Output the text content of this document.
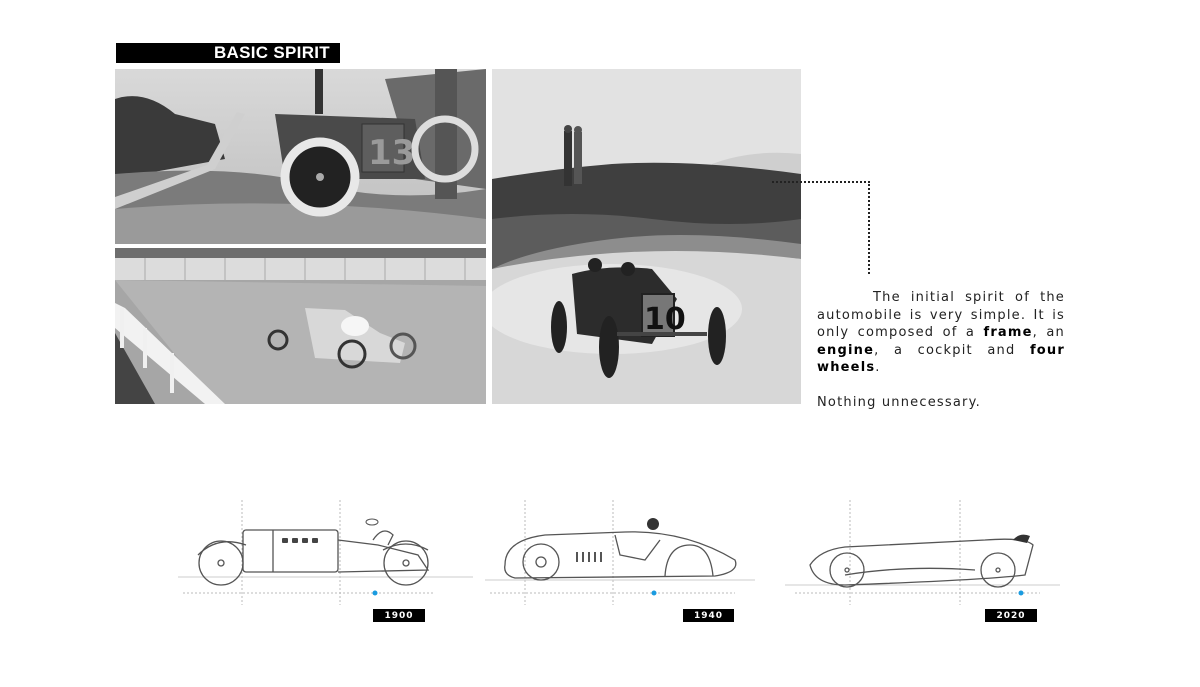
BASIC SPIRIT
13
10

The initial spirit of the automobile is very simple. It is only composed of a frame, an engine, a cockpit and four wheels.

Nothing unnecessary.

1900	1940	2020
